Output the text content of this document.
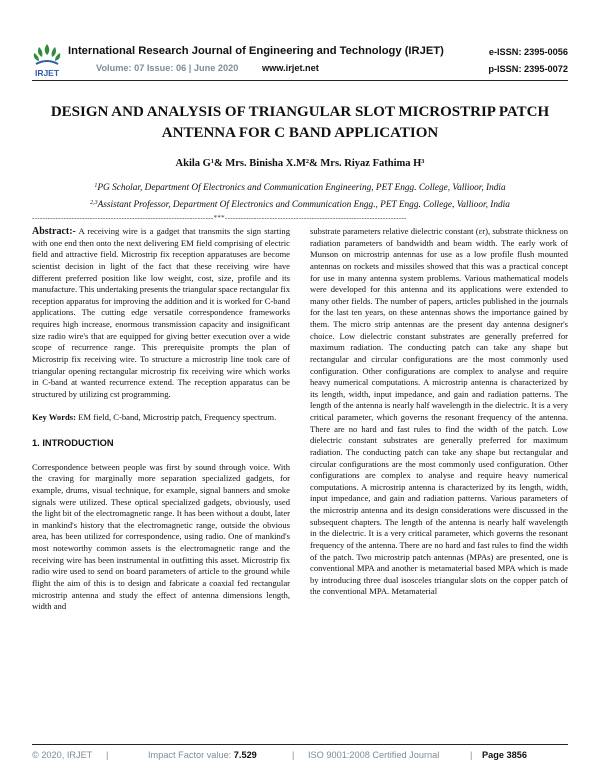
IRJET
International Research Journal of Engineering and Technology (IRJET)
Volume: 07 Issue: 06 | June 2020	www.irjet.net
e-ISSN: 2395-0056
p-ISSN: 2395-0072
DESIGN AND ANALYSIS OF TRIANGULAR SLOT MICROSTRIP PATCH ANTENNA FOR C BAND APPLICATION
Akila G¹& Mrs. Binisha X.M²& Mrs. Riyaz Fathima H³
$^1$PG Scholar, Department Of Electronics and Communication Engineering, PET Engg. College, Vallioor, India
$^{2,3}$Assistant Professor, Department Of Electronics and Communication Engg., PET Engg. College, Vallioor, India
---------------------------------------------------------------------***---------------------------------------------------------------------

Abstract:- A receiving wire is a gadget that transmits the sign starting with one end then onto the next delivering EM field comprising of electric field and attractive field. Microstrip fix reception apparatuses are become scientist decision in light of the fact that these receiving wire have different preferred position like low weight, cost, size, profile and its manufacture. This undertaking presents the triangular space rectangular fix reception apparatus for improving the addition and it is worked for C-band applications. The cutting edge versatile correspondence frameworks requires high increase, enormous transmission capacity and insignificant size radio wire's that are equipped for giving better execution over a wide scope of recurrence range. This prerequisite prompts the plan of Microstrip fix receiving wire. To structure a microstrip line took care of triangular opening rectangular microstrip fix receiving wire which works in C-band at wanted recurrence extend. The reception apparatus can be structured by utilizing cst programming.

Key Words: EM field, C-band, Microstrip patch, Frequency spectrum.

1. INTRODUCTION

Correspondence between people was first by sound through voice. With the craving for marginally more separation specialized gadgets, for example, drums, visual technique, for example, signal banners and smoke signals were utilized. These optical specialized gadgets, obviously, used the light bit of the electromagnetic range. It has been without a doubt, later in mankind's history that the electromagnetic range, outside the obvious area, has been utilized for correspondence, using radio. One of mankind's most noteworthy common assets is the electromagnetic range and the receiving wire has been instrumental in outfitting this asset. Microstrip fix radio wire used to send on board parameters of article to the ground while flight the aim of this is to design and fabricate a coaxial fed rectangular microstrip antenna and study the effect of antenna dimensions length, width and

substrate parameters relative dielectric constant (εr), substrate thickness on radiation parameters of bandwidth and beam width. The early work of Munson on microstrip antennas for use as a low profile flush mounted antennas on rockets and missiles showed that this was a practical concept for use in many antenna system problems. Various mathematical models were developed for this antenna and its applications were extended to many other fields. The number of papers, articles published in the journals for the last ten years, on these antennas shows the importance gained by them. The micro strip antennas are the present day antenna designer's choice. Low dielectric constant substrates are generally preferred for maximum radiation. The conducting patch can take any shape but rectangular and circular configurations are the most commonly used configuration. Other configurations are complex to analyse and require heavy numerical computations. A microstrip antenna is characterized by its length, width, input impedance, and gain and radiation patterns. The length of the antenna is nearly half wavelength in the dielectric. It is a very critical parameter, which governs the resonant frequency of the antenna. There are no hard and fast rules to find the width of the patch. Low dielectric constant substrates are generally preferred for maximum radiation. The conducting patch can take any shape but rectangular and circular configurations are the most commonly used configuration. Other configurations are complex to analyse and require heavy numerical computations. A microstrip antenna is characterized by its length, width, input impedance, and gain and radiation patterns. Various parameters of the microstrip antenna and its design considerations were discussed in the subsequent chapters. The length of the antenna is nearly half wavelength in the dielectric. It is a very critical parameter, which governs the resonant frequency of the antenna. There are no hard and fast rules to find the width of the patch. Two microstrip patch antennas (MPAs) are presented, one is conventional MPA and another is metamaterial based MPA which is made by introducing three dual isosceles triangular slots on the copper patch of the conventional MPA. Metamaterial

© 2020, IRJET |	Impact Factor value: 7.529	| ISO 9001:2008 Certified Journal	| Page 3856
